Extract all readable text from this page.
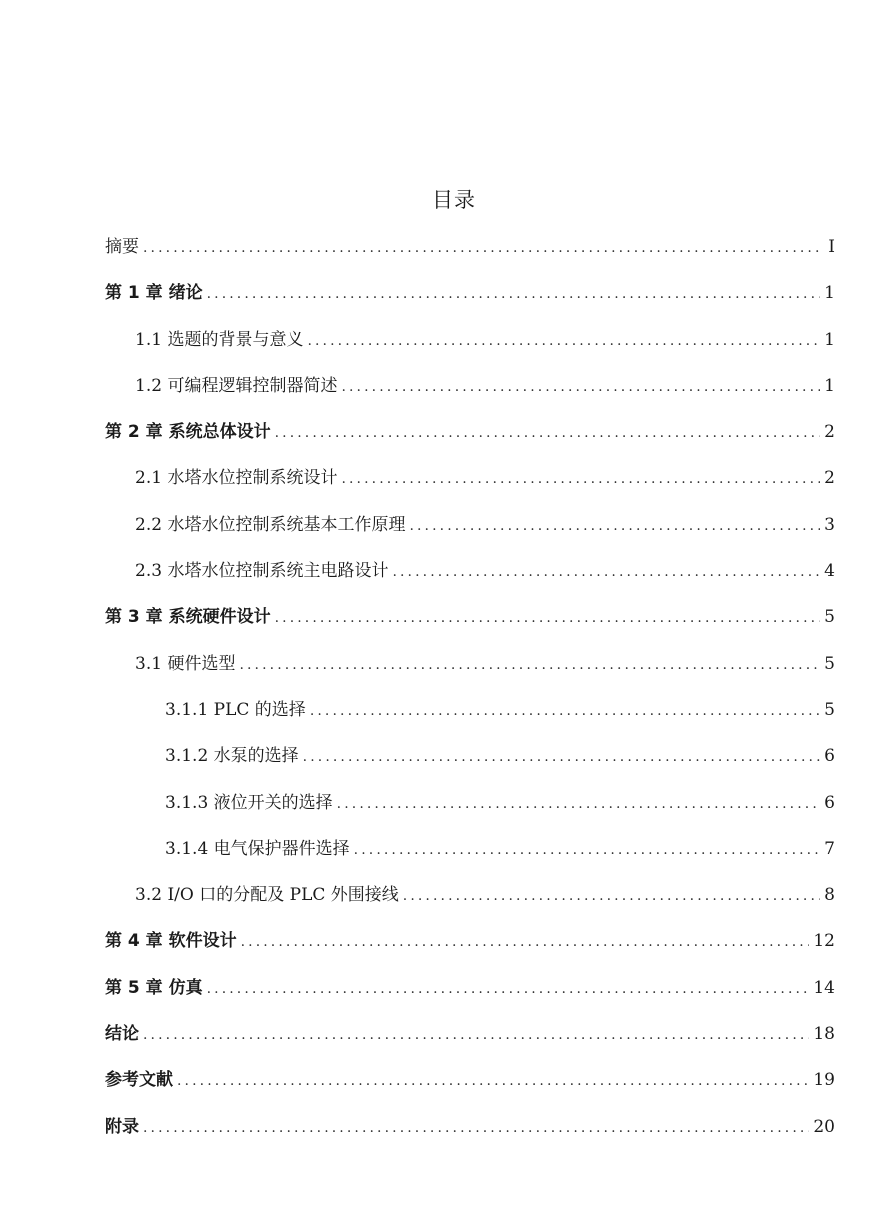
目录
摘要 .....	I
第 1 章 绪论 .....	1
1.1 选题的背景与意义 .....	1
1.2 可编程逻辑控制器简述 .....	1
第 2 章 系统总体设计 .....	2
2.1 水塔水位控制系统设计 .....	2
2.2 水塔水位控制系统基本工作原理 .....	3
2.3 水塔水位控制系统主电路设计 .....	4
第 3 章 系统硬件设计 .....	5
3.1 硬件选型 .....	5
3.1.1 PLC 的选择 .....	5
3.1.2 水泵的选择 .....	6
3.1.3 液位开关的选择 .....	6
3.1.4 电气保护器件选择 .....	7
3.2 I/O 口的分配及 PLC 外围接线 .....	8
第 4 章 软件设计 .....	12
第 5 章 仿真 .....	14
结论 .....	18
参考文献 .....	19
附录 .....	20
